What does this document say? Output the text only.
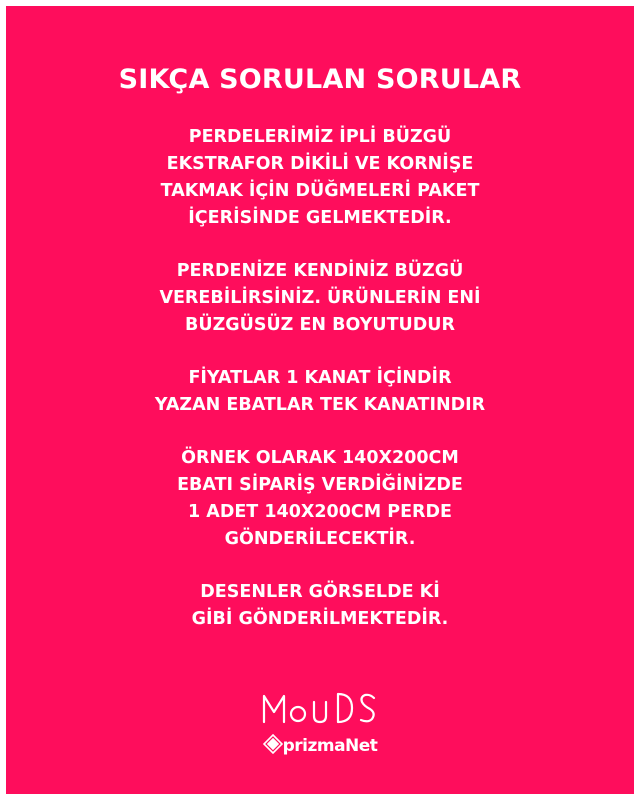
SIKÇA SORULAN SORULAR

PERDELERİMİZ İPLİ BÜZGÜ
EKSTRAFOR DİKİLİ VE KORNİŞE
TAKMAK İÇİN DÜĞMELERİ PAKET
İÇERİSİNDE GELMEKTEDİR.

PERDENİZE KENDİNİZ BÜZGÜ
VEREBİLİRSİNİZ. ÜRÜNLERİN ENİ
BÜZGÜSÜZ EN BOYUTUDUR

FİYATLAR 1 KANAT İÇİNDİR
YAZAN EBATLAR TEK KANATINDIR

ÖRNEK OLARAK 140X200CM
EBATI SİPARİŞ VERDİĞİNİZDE
1 ADET 140X200CM PERDE
GÖNDERİLECEKTİR.

DESENLER GÖRSELDE Kİ
GİBİ GÖNDERİLMEKTEDİR.

prizmaNet
